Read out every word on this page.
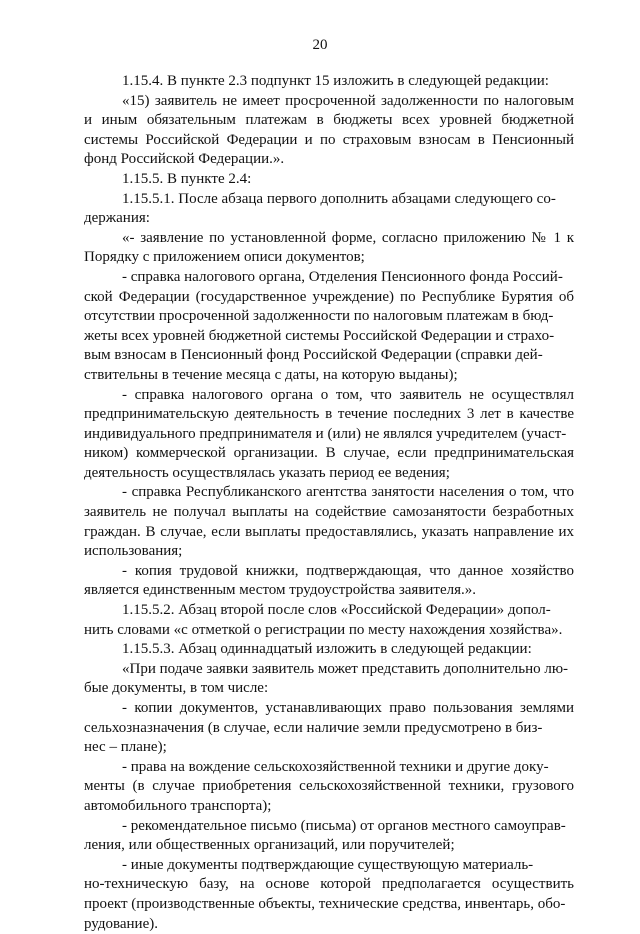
20

1.15.4. В пункте 2.3 подпункт 15 изложить в следующей редакции:

«15) заявитель не имеет просроченной задолженности по налоговым и иным обязательным платежам в бюджеты всех уровней бюджетной системы Российской Федерации и по страховым взносам в Пенсионный фонд Российской Федерации.».

1.15.5. В пункте 2.4:

1.15.5.1. После абзаца первого дополнить абзацами следующего со-
держания:

«- заявление по установленной форме, согласно приложению № 1 к Порядку с приложением описи документов;

- справка налогового органа, Отделения Пенсионного фонда Россий-
ской Федерации (государственное учреждение) по Республике Бурятия об отсутствии просроченной задолженности по налоговым платежам в бюд-
жеты всех уровней бюджетной системы Российской Федерации и страхо-
вым взносам в Пенсионный фонд Российской Федерации (справки дей-
ствительны в течение месяца с даты, на которую выданы);

- справка налогового органа о том, что заявитель не осуществлял предпринимательскую деятельность в течение последних 3 лет в качестве индивидуального предпринимателя и (или) не являлся учредителем (участ-
ником) коммерческой организации. В случае, если предпринимательская деятельность осуществлялась указать период ее ведения;

- справка Республиканского агентства занятости населения о том, что заявитель не получал выплаты на содействие самозанятости безработных граждан. В случае, если выплаты предоставлялись, указать направление их использования;

- копия трудовой книжки, подтверждающая, что данное хозяйство является единственным местом трудоустройства заявителя.».

1.15.5.2. Абзац второй после слов «Российской Федерации» допол-
нить словами «с отметкой о регистрации по месту нахождения хозяйства».

1.15.5.3. Абзац одиннадцатый изложить в следующей редакции:

«При подаче заявки заявитель может представить дополнительно лю-
бые документы, в том числе:

- копии документов, устанавливающих право пользования землями сельхозназначения (в случае, если наличие земли предусмотрено в биз-
нес – плане);

- права на вождение сельскохозяйственной техники и другие доку-
менты (в случае приобретения сельскохозяйственной техники, грузового автомобильного транспорта);

- рекомендательное письмо (письма) от органов местного самоуправ-
ления, или общественных организаций, или поручителей;

- иные документы подтверждающие существующую материаль-
но-техническую базу, на основе которой предполагается осуществить проект (производственные объекты, технические средства, инвентарь, обо-
рудование).
